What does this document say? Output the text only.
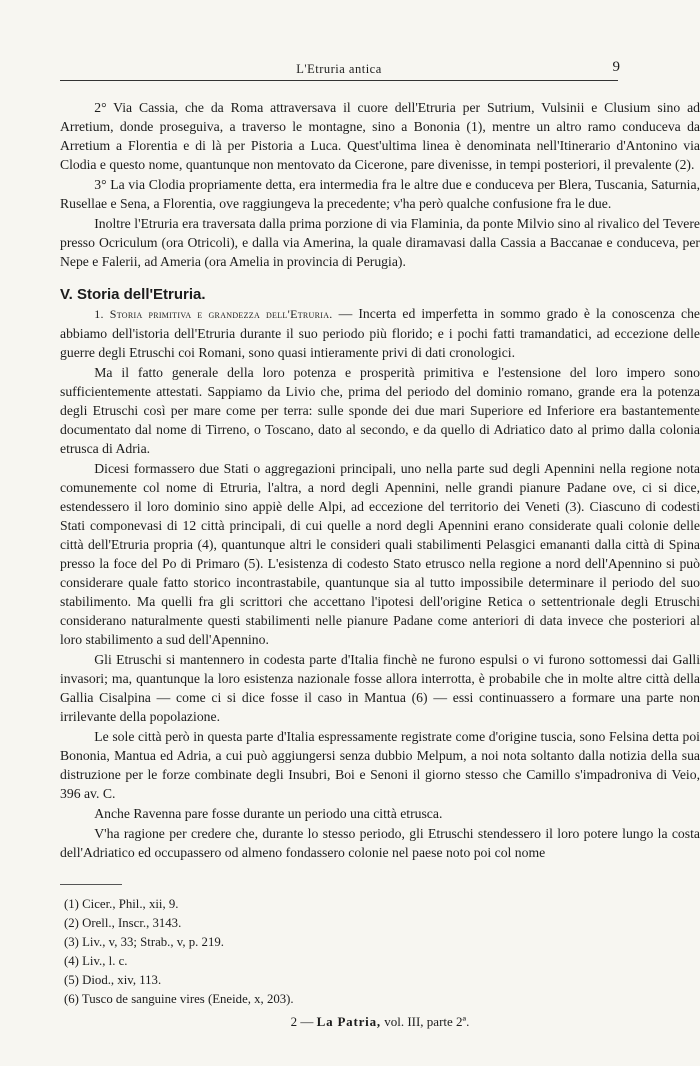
L'Etruria antica	9

2° Via Cassia, che da Roma attraversava il cuore dell'Etruria per Sutrium, Vulsinii e Clusium sino ad Arretium, donde proseguiva, a traverso le montagne, sino a Bononia (1), mentre un altro ramo conduceva da Arretium a Florentia e di là per Pistoria a Luca. Quest'ultima linea è denominata nell'Itinerario d'Antonino via Clodia e questo nome, quantunque non mentovato da Cicerone, pare divenisse, in tempi posteriori, il prevalente (2).

3° La via Clodia propriamente detta, era intermedia fra le altre due e conduceva per Blera, Tuscania, Saturnia, Rusellae e Sena, a Florentia, ove raggiungeva la precedente; v'ha però qualche confusione fra le due.

Inoltre l'Etruria era traversata dalla prima porzione di via Flaminia, da ponte Milvio sino al rivalico del Tevere presso Ocriculum (ora Otricoli), e dalla via Amerina, la quale diramavasi dalla Cassia a Baccanae e conduceva, per Nepe e Falerii, ad Ameria (ora Amelia in provincia di Perugia).

V. Storia dell'Etruria.

1. Storia primitiva e grandezza dell'Etruria. — Incerta ed imperfetta in sommo grado è la conoscenza che abbiamo dell'istoria dell'Etruria durante il suo periodo più florido; e i pochi fatti tramandatici, ad eccezione delle guerre degli Etruschi coi Romani, sono quasi intieramente privi di dati cronologici.

Ma il fatto generale della loro potenza e prosperità primitiva e l'estensione del loro impero sono sufficientemente attestati. Sappiamo da Livio che, prima del periodo del dominio romano, grande era la potenza degli Etruschi così per mare come per terra: sulle sponde dei due mari Superiore ed Inferiore era bastantemente documentato dal nome di Tirreno, o Toscano, dato al secondo, e da quello di Adriatico dato al primo dalla colonia etrusca di Adria.

Dicesi formassero due Stati o aggregazioni principali, uno nella parte sud degli Apennini nella regione nota comunemente col nome di Etruria, l'altra, a nord degli Apennini, nelle grandi pianure Padane ove, ci si dice, estendessero il loro dominio sino appiè delle Alpi, ad eccezione del territorio dei Veneti (3). Ciascuno di codesti Stati componevasi di 12 città principali, di cui quelle a nord degli Apennini erano considerate quali colonie delle città dell'Etruria propria (4), quantunque altri le consideri quali stabilimenti Pelasgici emananti dalla città di Spina presso la foce del Po di Primaro (5). L'esistenza di codesto Stato etrusco nella regione a nord dell'Apennino si può considerare quale fatto storico incontrastabile, quantunque sia al tutto impossibile determinare il periodo del suo stabilimento. Ma quelli fra gli scrittori che accettano l'ipotesi dell'origine Retica o settentrionale degli Etruschi considerano naturalmente questi stabilimenti nelle pianure Padane come anteriori di data invece che posteriori al loro stabilimento a sud dell'Apennino.

Gli Etruschi si mantennero in codesta parte d'Italia finchè ne furono espulsi o vi furono sottomessi dai Galli invasori; ma, quantunque la loro esistenza nazionale fosse allora interrotta, è probabile che in molte altre città della Gallia Cisalpina — come ci si dice fosse il caso in Mantua (6) — essi continuassero a formare una parte non irrilevante della popolazione.

Le sole città però in questa parte d'Italia espressamente registrate come d'origine tuscia, sono Felsina detta poi Bononia, Mantua ed Adria, a cui può aggiungersi senza dubbio Melpum, a noi nota soltanto dalla notizia della sua distruzione per le forze combinate degli Insubri, Boi e Senoni il giorno stesso che Camillo s'impadroniva di Veio, 396 av. C.

Anche Ravenna pare fosse durante un periodo una città etrusca.

V'ha ragione per credere che, durante lo stesso periodo, gli Etruschi stendessero il loro potere lungo la costa dell'Adriatico ed occupassero od almeno fondassero colonie nel paese noto poi col nome

(1) Cicer., Phil., xii, 9.

(2) Orell., Inscr., 3143.

(3) Liv., v, 33; Strab., v, p. 219.

(4) Liv., l. c.

(5) Diod., xiv, 113.

(6) Tusco de sanguine vires (Eneide, x, 203).

2 — La Patria, vol. III, parte 2ª.
